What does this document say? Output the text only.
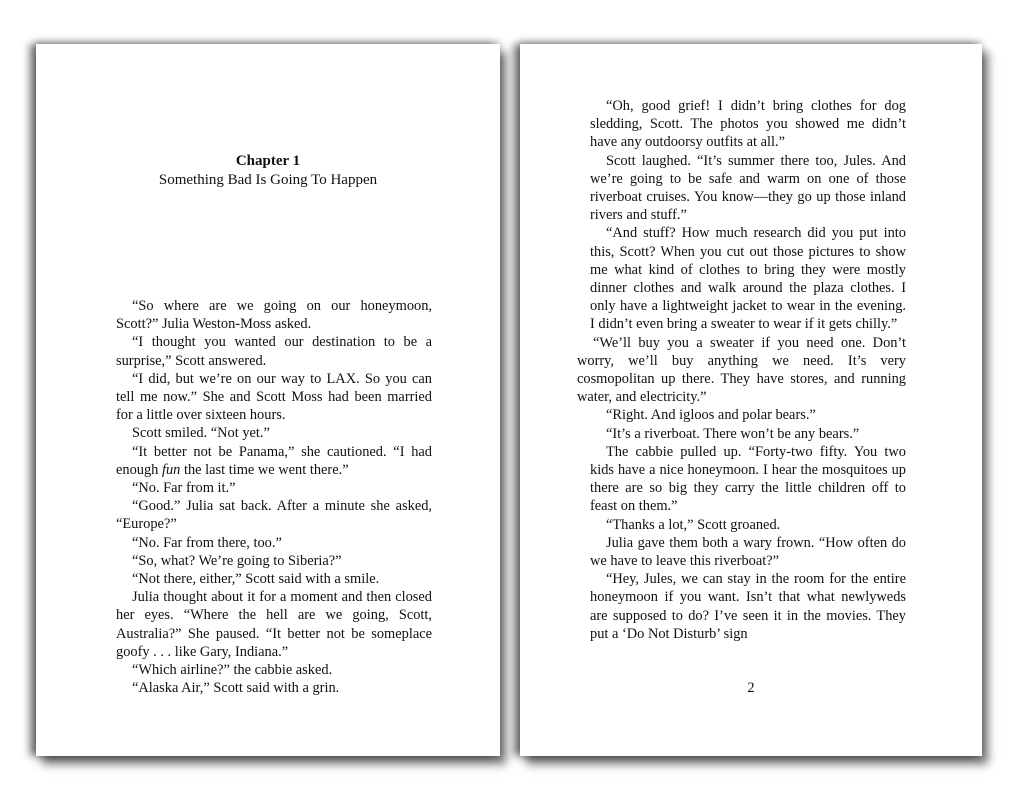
Chapter 1
Something Bad Is Going To Happen

“So where are we going on our honeymoon, Scott?” Julia Weston-Moss asked.

“I thought you wanted our destination to be a surprise,” Scott answered.

“I did, but we’re on our way to LAX. So you can tell me now.” She and Scott Moss had been married for a little over sixteen hours.

Scott smiled. “Not yet.”

“It better not be Panama,” she cautioned. “I had enough fun the last time we went there.”

“No. Far from it.”

“Good.” Julia sat back. After a minute she asked, “Europe?”

“No. Far from there, too.”

“So, what? We’re going to Siberia?”

“Not there, either,” Scott said with a smile.

Julia thought about it for a moment and then closed her eyes. “Where the hell are we going, Scott, Australia?” She paused. “It better not be someplace goofy . . . like Gary, Indiana.”

“Which airline?” the cabbie asked.

“Alaska Air,” Scott said with a grin.

“Oh, good grief! I didn’t bring clothes for dog sledding, Scott. The photos you showed me didn’t have any outdoorsy outfits at all.”

Scott laughed. “It’s summer there too, Jules. And we’re going to be safe and warm on one of those riverboat cruises. You know—they go up those inland rivers and stuff.”

“And stuff? How much research did you put into this, Scott? When you cut out those pictures to show me what kind of clothes to bring they were mostly dinner clothes and walk around the plaza clothes. I only have a lightweight jacket to wear in the evening. I didn’t even bring a sweater to wear if it gets chilly.”

“We’ll buy you a sweater if you need one. Don’t worry, we’ll buy anything we need. It’s very cosmopolitan up there. They have stores, and running water, and electricity.”

“Right. And igloos and polar bears.”

“It’s a riverboat. There won’t be any bears.”

The cabbie pulled up. “Forty-two fifty. You two kids have a nice honeymoon. I hear the mosquitoes up there are so big they carry the little children off to feast on them.”

“Thanks a lot,” Scott groaned.

Julia gave them both a wary frown. “How often do we have to leave this riverboat?”

“Hey, Jules, we can stay in the room for the entire honeymoon if you want. Isn’t that what newlyweds are supposed to do? I’ve seen it in the movies. They put a ‘Do Not Disturb’ sign

2
